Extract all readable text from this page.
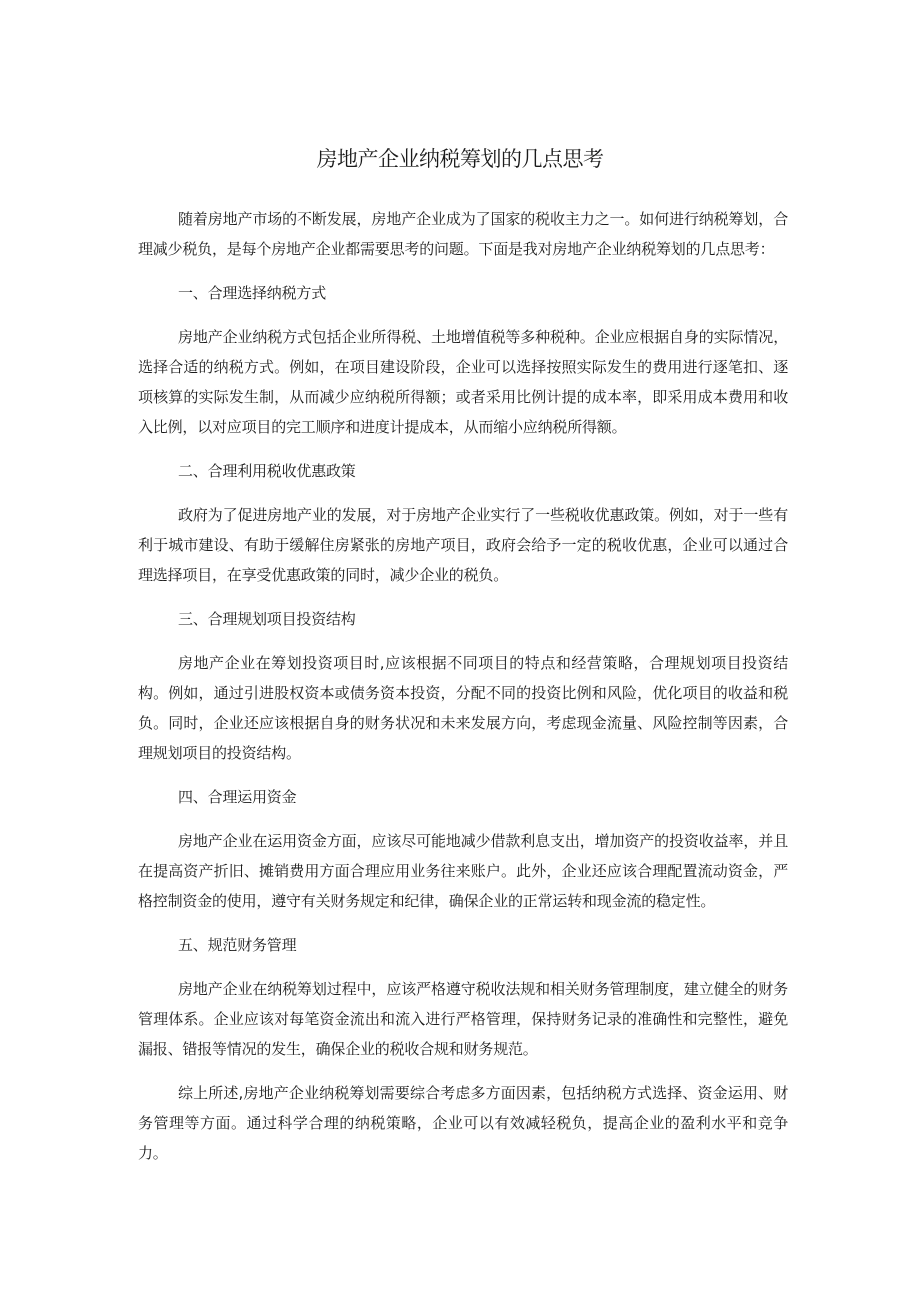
房地产企业纳税筹划的几点思考

随着房地产市场的不断发展，房地产企业成为了国家的税收主力之一。如何进行纳税筹划，合理减少税负，是每个房地产企业都需要思考的问题。下面是我对房地产企业纳税筹划的几点思考：

一、合理选择纳税方式

房地产企业纳税方式包括企业所得税、土地增值税等多种税种。企业应根据自身的实际情况，选择合适的纳税方式。例如，在项目建设阶段，企业可以选择按照实际发生的费用进行逐笔扣、逐项核算的实际发生制，从而减少应纳税所得额；或者采用比例计提的成本率，即采用成本费用和收入比例，以对应项目的完工顺序和进度计提成本，从而缩小应纳税所得额。

二、合理利用税收优惠政策

政府为了促进房地产业的发展，对于房地产企业实行了一些税收优惠政策。例如，对于一些有利于城市建设、有助于缓解住房紧张的房地产项目，政府会给予一定的税收优惠，企业可以通过合理选择项目，在享受优惠政策的同时，减少企业的税负。

三、合理规划项目投资结构

房地产企业在筹划投资项目时,应该根据不同项目的特点和经营策略，合理规划项目投资结构。例如，通过引进股权资本或债务资本投资，分配不同的投资比例和风险，优化项目的收益和税负。同时，企业还应该根据自身的财务状况和未来发展方向，考虑现金流量、风险控制等因素，合理规划项目的投资结构。

四、合理运用资金

房地产企业在运用资金方面，应该尽可能地减少借款利息支出，增加资产的投资收益率，并且在提高资产折旧、摊销费用方面合理应用业务往来账户。此外，企业还应该合理配置流动资金，严格控制资金的使用，遵守有关财务规定和纪律，确保企业的正常运转和现金流的稳定性。

五、规范财务管理

房地产企业在纳税筹划过程中，应该严格遵守税收法规和相关财务管理制度，建立健全的财务管理体系。企业应该对每笔资金流出和流入进行严格管理，保持财务记录的准确性和完整性，避免漏报、错报等情况的发生，确保企业的税收合规和财务规范。

综上所述,房地产企业纳税筹划需要综合考虑多方面因素，包括纳税方式选择、资金运用、财务管理等方面。通过科学合理的纳税策略，企业可以有效减轻税负，提高企业的盈利水平和竞争力。
